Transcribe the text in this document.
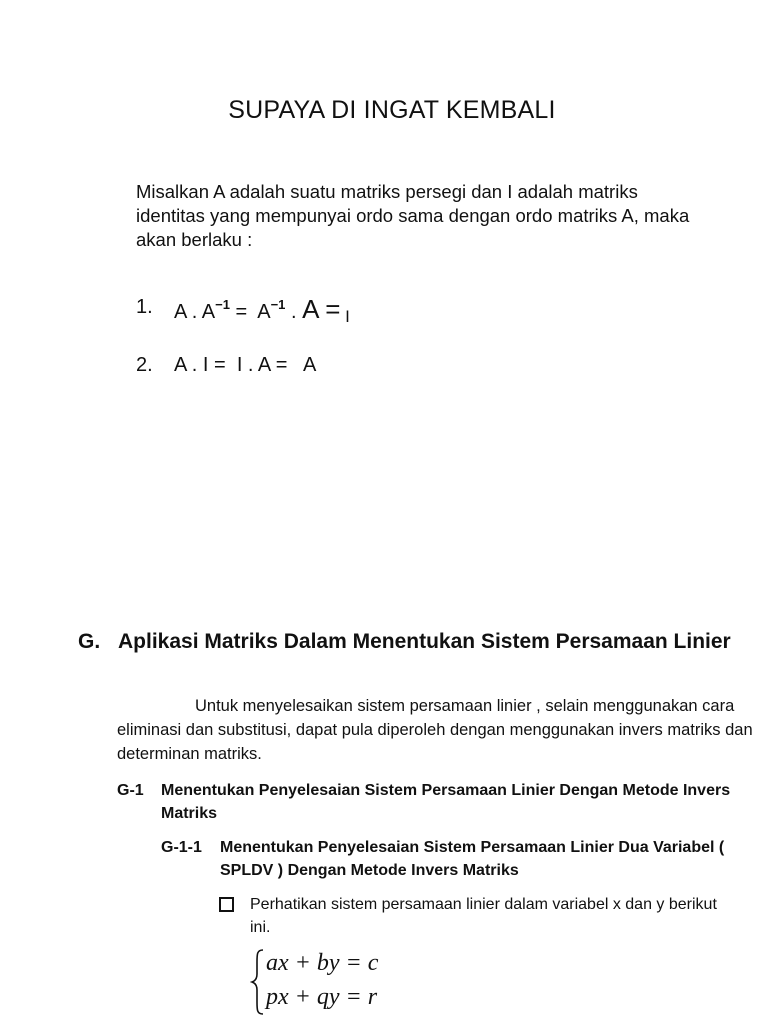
SUPAYA DI INGAT KEMBALI
Misalkan A adalah suatu matriks persegi dan I adalah matriks identitas yang mempunyai ordo sama dengan ordo matriks A, maka akan berlaku :
1. A . $A^{-1} = A^{-1}$ . A = $_I$
2. A . I =  I . A =   A
G. Aplikasi Matriks Dalam Menentukan Sistem Persamaan Linier
Untuk menyelesaikan sistem persamaan linier , selain menggunakan cara eliminasi dan substitusi, dapat pula diperoleh dengan menggunakan invers matriks dan determinan matriks.
G-1 Menentukan Penyelesaian Sistem Persamaan Linier Dengan Metode Invers Matriks
G-1-1 Menentukan Penyelesaian Sistem Persamaan Linier Dua Variabel ( SPLDV ) Dengan Metode Invers Matriks
Perhatikan sistem persamaan linier dalam variabel x dan y berikut ini.
ax + by = c
px + qy = r
